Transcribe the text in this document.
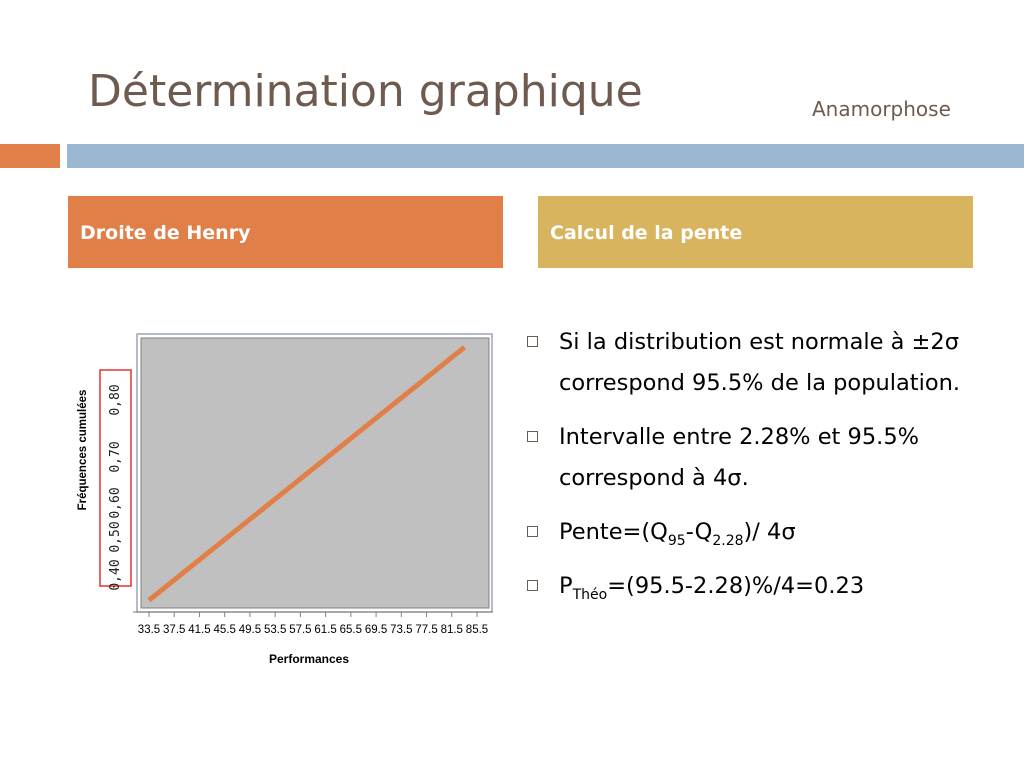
Détermination graphique	Anamorphose
Droite de Henry	Calcul de la pente
33.5 37.5 41.5 45.5 49.5 53.5 57.5 61.5 65.5 69.5 73.5 77.5 81.5 85.5
0,80
0,70
0,60
0,50
0,40
Fréquences cumulées
Performances
Si la distribution est normale à ±2σ correspond 95.5% de la population.
Intervalle entre 2.28% et 95.5% correspond à 4σ.
$Pente=(Q_{95}-Q_{2.28})/$ 4σ
$P_{Théo}=(95.5-2.28)\%/4=0.23$
